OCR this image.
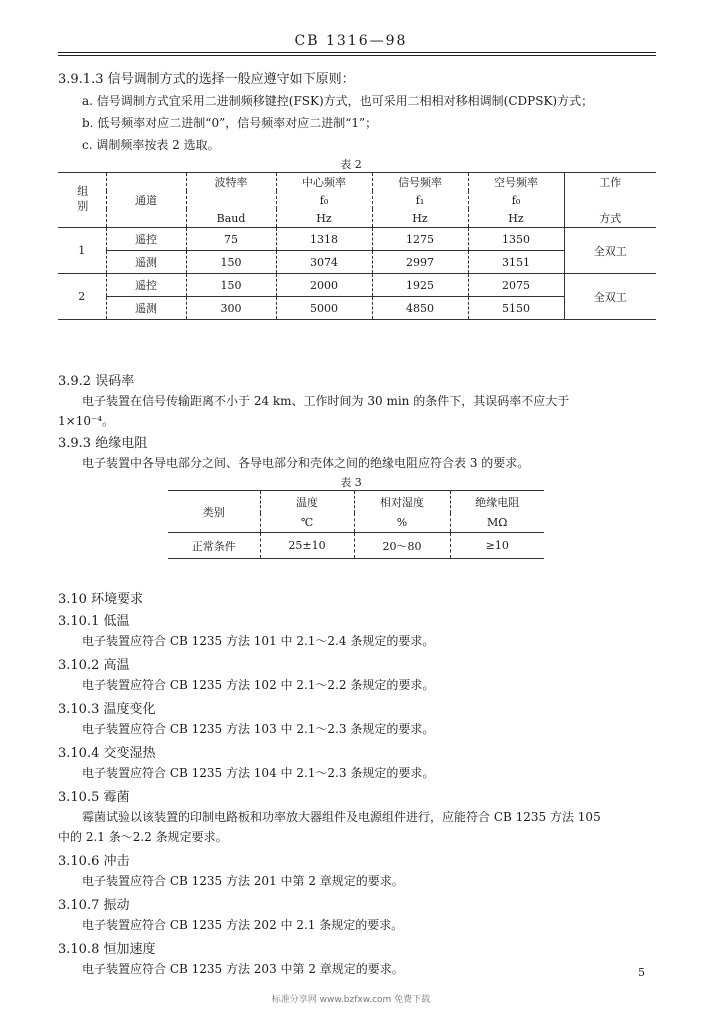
CB 1316—98
3.9.1.3 信号调制方式的选择一般应遵守如下原则：
a. 信号调制方式宜采用二进制频移键控(FSK)方式，也可采用二相相对移相调制(CDPSK)方式；
b. 低号频率对应二进制“0”，信号频率对应二进制“1”；
c. 调制频率按表 2 选取。
表 2
组别	通道	波特率	中心频率	信号频率	空号频率	工作
			f₀	f₁	f₀	
		Baud	Hz	Hz	Hz	方式
1	遥控	75	1318	1275	1350	全双工
	遥测	150	3074	2997	3151	
2	遥控	150	2000	1925	2075	全双工
	遥测	300	5000	4850	5150	
3.9.2 误码率
电子装置在信号传输距离不小于 24 km、工作时间为 30 min 的条件下，其误码率不应大于
1×10⁻⁴。
3.9.3 绝缘电阻
电子装置中各导电部分之间、各导电部分和壳体之间的绝缘电阻应符合表 3 的要求。
表 3
类别	温度	相对湿度	绝缘电阻
	℃	%	MΩ
正常条件	25±10	20～80	≥10
3.10 环境要求
3.10.1 低温
电子装置应符合 CB 1235 方法 101 中 2.1～2.4 条规定的要求。
3.10.2 高温
电子装置应符合 CB 1235 方法 102 中 2.1～2.2 条规定的要求。
3.10.3 温度变化
电子装置应符合 CB 1235 方法 103 中 2.1～2.3 条规定的要求。
3.10.4 交变湿热
电子装置应符合 CB 1235 方法 104 中 2.1～2.3 条规定的要求。
3.10.5 霉菌
霉菌试验以该装置的印制电路板和功率放大器组件及电源组件进行，应能符合 CB 1235 方法 105
中的 2.1 条～2.2 条规定要求。
3.10.6 冲击
电子装置应符合 CB 1235 方法 201 中第 2 章规定的要求。
3.10.7 振动
电子装置应符合 CB 1235 方法 202 中 2.1 条规定的要求。
3.10.8 恒加速度
电子装置应符合 CB 1235 方法 203 中第 2 章规定的要求。	5
标准分享网 www.bzfxw.com 免费下载
